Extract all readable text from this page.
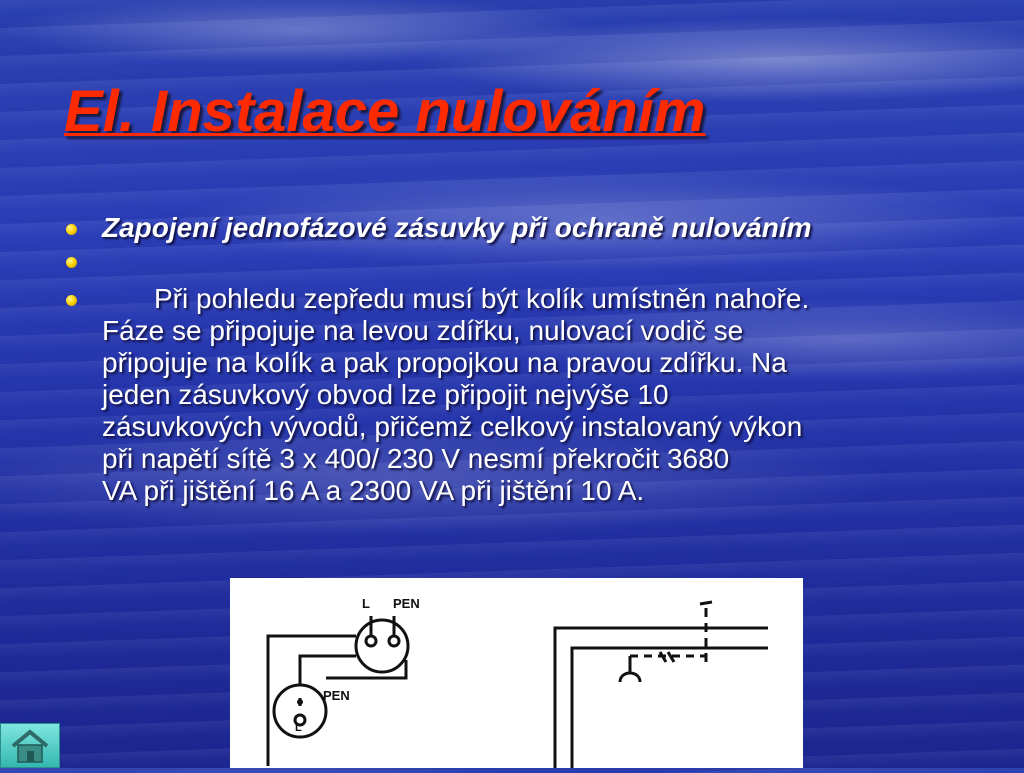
El. Instalace nulováním
Zapojení jednofázové zásuvky při ochraně nulováním
Při pohledu zepředu musí být kolík umístněn nahoře.
Fáze se připojuje na levou zdířku, nulovací vodič se
připojuje na kolík a pak propojkou na pravou zdířku. Na
jeden zásuvkový obvod lze připojit nejvýše 10
zásuvkových vývodů, přičemž celkový instalovaný výkon
při napětí sítě 3 x 400/ 230 V nesmí překročit 3680
VA při jištění 16 A a 2300 VA při jištění 10 A.
L PEN
PEN
L
